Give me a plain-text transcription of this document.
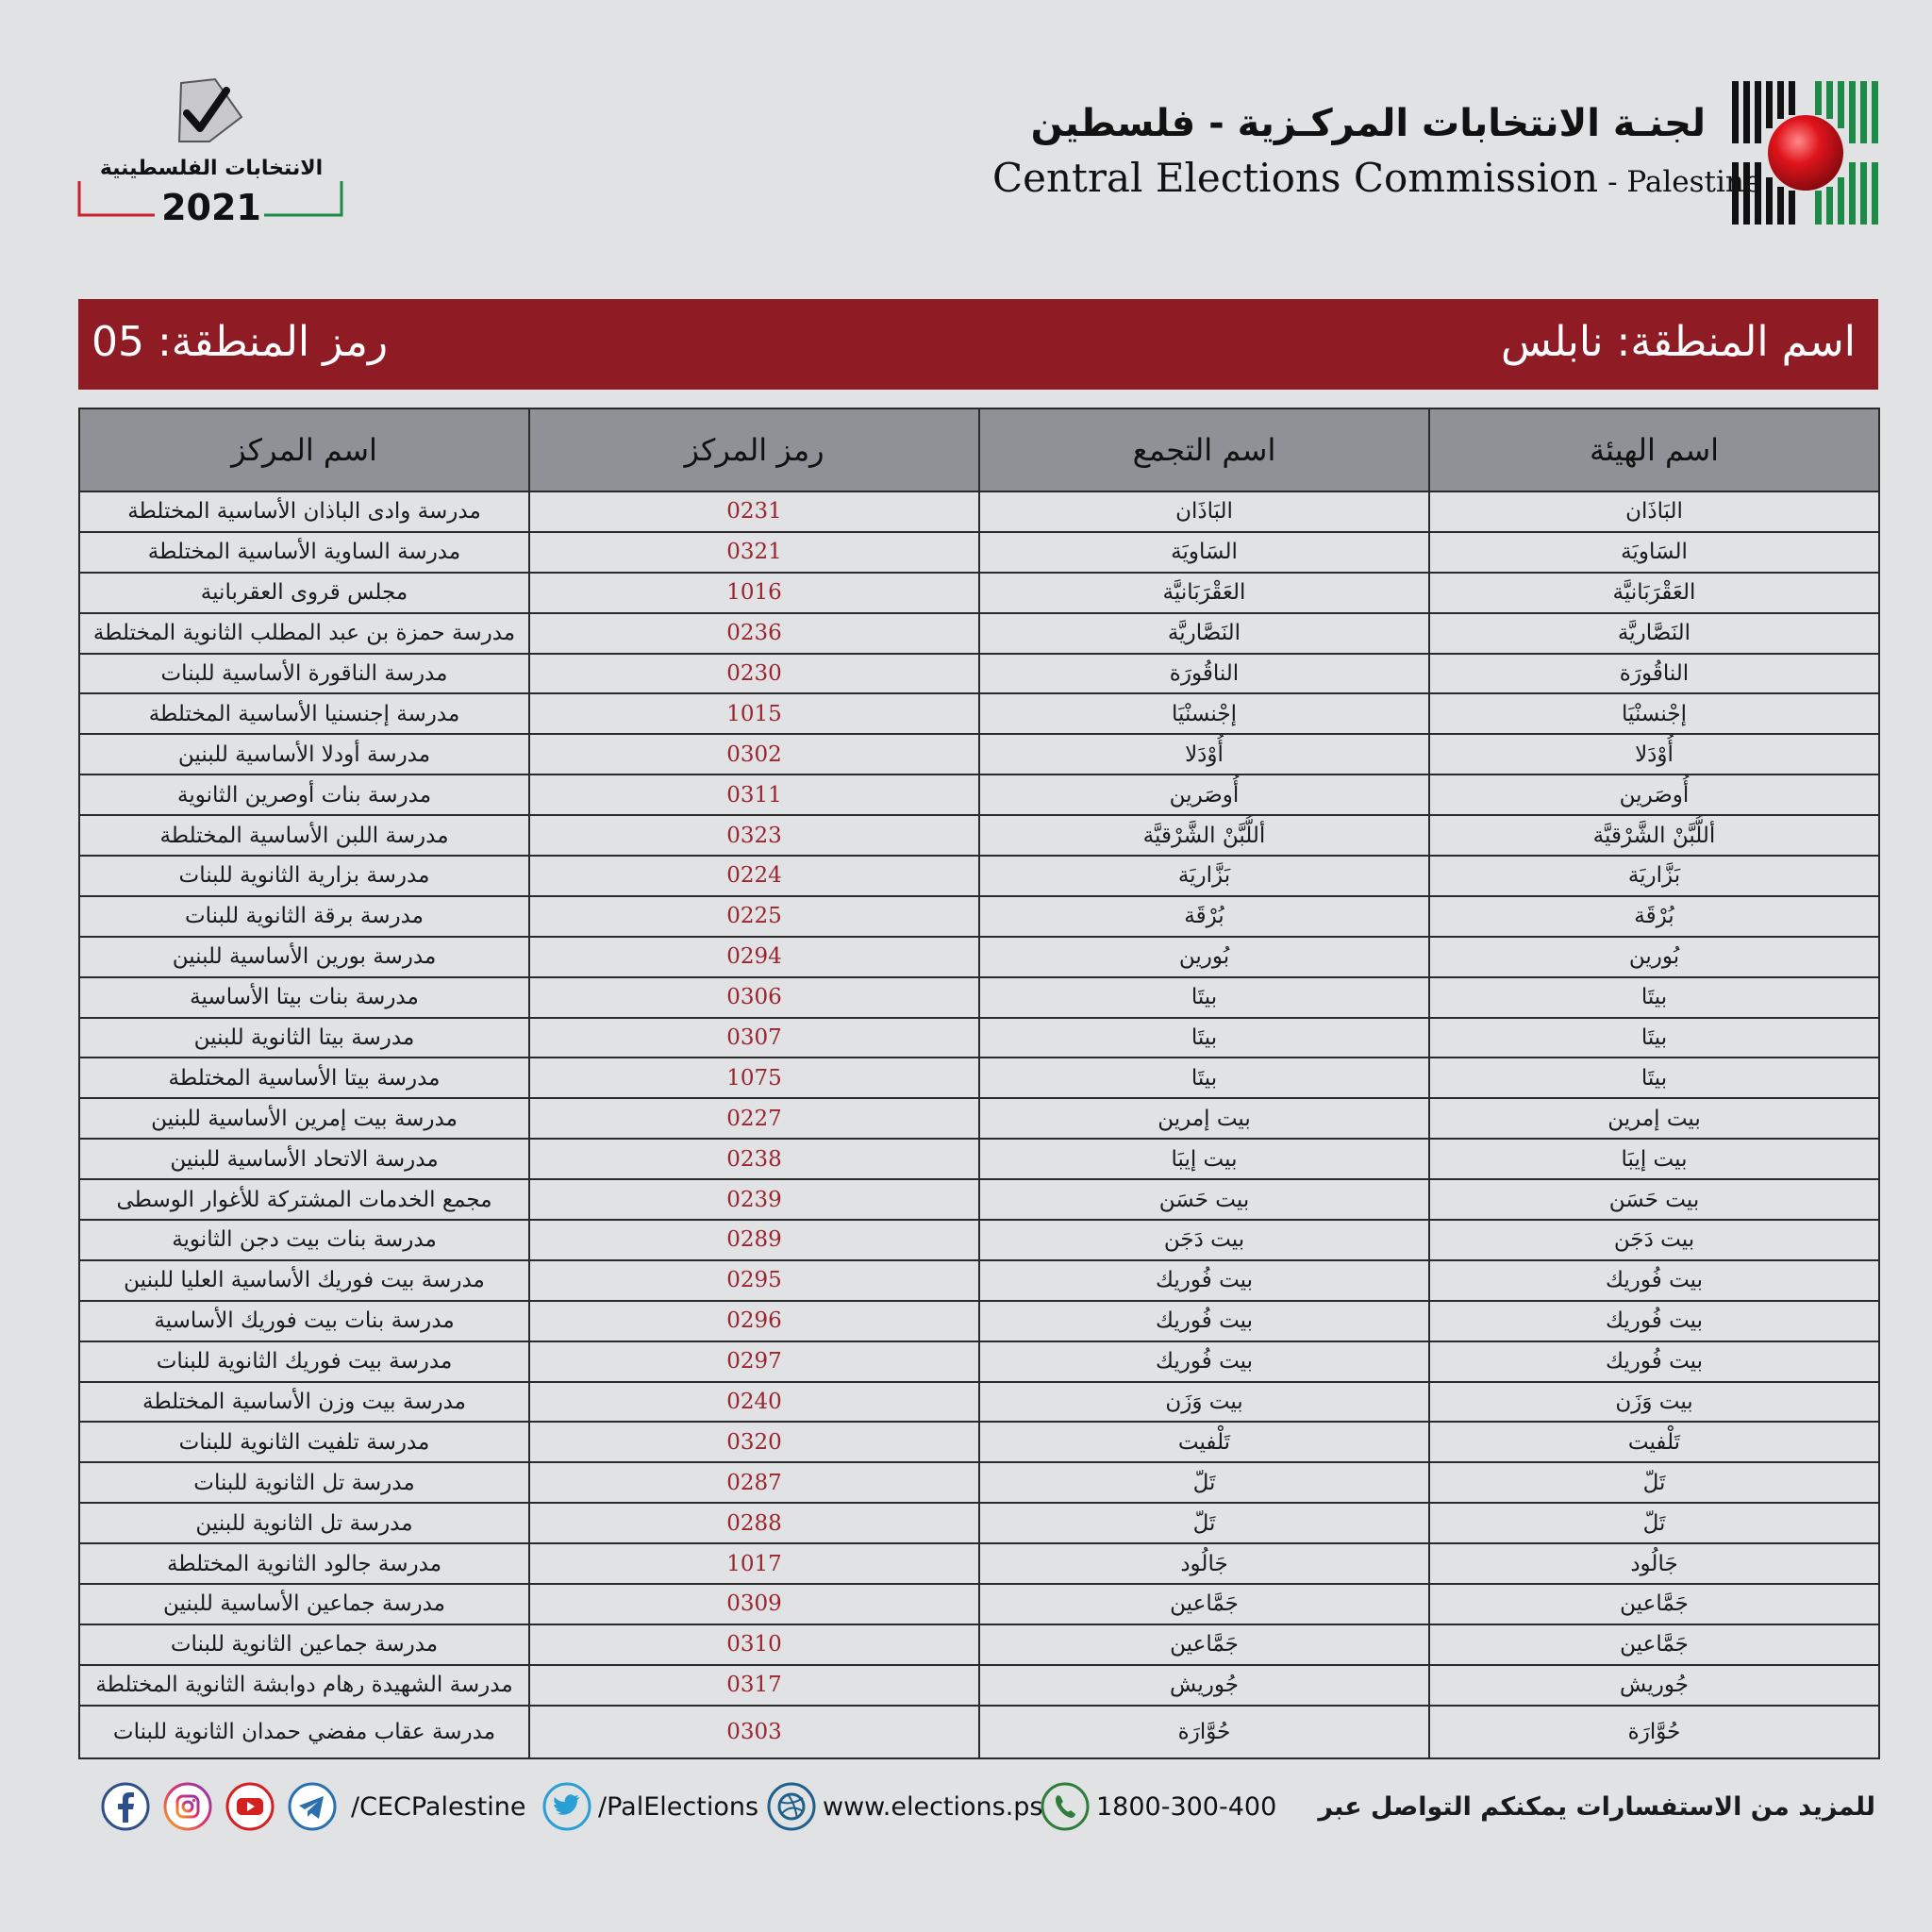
لجنـة الانتخابات المركـزية - فلسطين
Central Elections Commission - Palestine
الانتخابات الفلسطينية
2021
اسم المنطقة: نابلس
رمز المنطقة: 05
اسم الهيئة	اسم التجمع	رمز المركز	اسم المركز
البَاذَان	البَاذَان	0231	مدرسة وادى الباذان الأساسية المختلطة
السَاويَة	السَاويَة	0321	مدرسة الساوية الأساسية المختلطة
العَقْرَبَانيَّة	العَقْرَبَانيَّة	1016	مجلس قروى العقربانية
النَصَّاريَّة	النَصَّاريَّة	0236	مدرسة حمزة بن عبد المطلب الثانوية المختلطة
الناقُورَة	الناقُورَة	0230	مدرسة الناقورة الأساسية للبنات
إجْنسنْيَا	إجْنسنْيَا	1015	مدرسة إجنسنيا الأساسية المختلطة
أُوْدَلا	أُوْدَلا	0302	مدرسة أودلا الأساسية للبنين
أُوصَرين	أُوصَرين	0311	مدرسة بنات أوصرين الثانوية
أللُّبَّنْ الشَّرْقيَّة	أللُّبَّنْ الشَّرْقيَّة	0323	مدرسة اللبن الأساسية المختلطة
بَزَّاريَة	بَزَّاريَة	0224	مدرسة بزارية الثانوية للبنات
بُرْقَة	بُرْقَة	0225	مدرسة برقة الثانوية للبنات
بُورين	بُورين	0294	مدرسة بورين الأساسية للبنين
بيتَا	بيتَا	0306	مدرسة بنات بيتا الأساسية
بيتَا	بيتَا	0307	مدرسة بيتا الثانوية للبنين
بيتَا	بيتَا	1075	مدرسة بيتا الأساسية المختلطة
بيت إمرين	بيت إمرين	0227	مدرسة بيت إمرين الأساسية للبنين
بيت إيبَا	بيت إيبَا	0238	مدرسة الاتحاد الأساسية للبنين
بيت حَسَن	بيت حَسَن	0239	مجمع الخدمات المشتركة للأغوار الوسطى
بيت دَجَن	بيت دَجَن	0289	مدرسة بنات بيت دجن الثانوية
بيت فُوريك	بيت فُوريك	0295	مدرسة بيت فوريك الأساسية العليا للبنين
بيت فُوريك	بيت فُوريك	0296	مدرسة بنات بيت فوريك الأساسية
بيت فُوريك	بيت فُوريك	0297	مدرسة بيت فوريك الثانوية للبنات
بيت وَزَن	بيت وَزَن	0240	مدرسة بيت وزن الأساسية المختلطة
تَلْفيت	تَلْفيت	0320	مدرسة تلفيت الثانوية للبنات
تَلّ	تَلّ	0287	مدرسة تل الثانوية للبنات
تَلّ	تَلّ	0288	مدرسة تل الثانوية للبنين
جَالُود	جَالُود	1017	مدرسة جالود الثانوية المختلطة
جَمَّاعين	جَمَّاعين	0309	مدرسة جماعين الأساسية للبنين
جَمَّاعين	جَمَّاعين	0310	مدرسة جماعين الثانوية للبنات
جُوريش	جُوريش	0317	مدرسة الشهيدة رهام دوابشة الثانوية المختلطة
حُوَّارَة	حُوَّارَة	0303	مدرسة عقاب مفضي حمدان الثانوية للبنات
للمزيد من الاستفسارات يمكنكم التواصل عبر
1800-300-400
www.elections.ps
/PalElections
/CECPalestine
